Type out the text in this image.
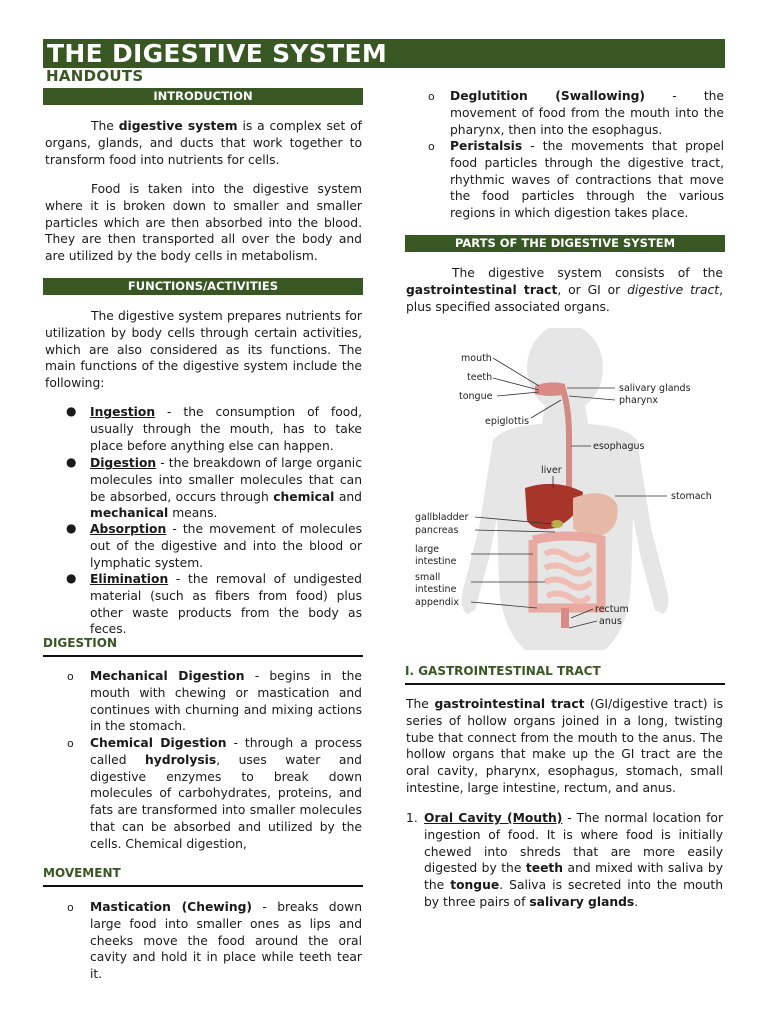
THE DIGESTIVE SYSTEM
HANDOUTS
INTRODUCTION

The digestive system is a complex set of organs, glands, and ducts that work together to transform food into nutrients for cells.

Food is taken into the digestive system where it is broken down to smaller and smaller particles which are then absorbed into the blood. They are then transported all over the body and are utilized by the body cells in metabolism.

FUNCTIONS/ACTIVITIES

The digestive system prepares nutrients for utilization by body cells through certain activities, which are also considered as its functions. The main functions of the digestive system include the following:

● Ingestion - the consumption of food, usually through the mouth, has to take place before anything else can happen.
● Digestion - the breakdown of large organic molecules into smaller molecules that can be absorbed, occurs through chemical and mechanical means.
● Absorption - the movement of molecules out of the digestive and into the blood or lymphatic system.
● Elimination - the removal of undigested material (such as fibers from food) plus other waste products from the body as feces.
DIGESTION
o Mechanical Digestion - begins in the mouth with chewing or mastication and continues with churning and mixing actions in the stomach.
o Chemical Digestion - through a process called hydrolysis, uses water and digestive enzymes to break down molecules of carbohydrates, proteins, and fats are transformed into smaller molecules that can be absorbed and utilized by the cells. Chemical digestion,
MOVEMENT
o Mastication (Chewing) - breaks down large food into smaller ones as lips and cheeks move the food around the oral cavity and hold it in place while teeth tear it.
o Deglutition (Swallowing) - the movement of food from the mouth into the pharynx, then into the esophagus.
o Peristalsis - the movements that propel food particles through the digestive tract, rhythmic waves of contractions that move the food particles through the various regions in which digestion takes place.
PARTS OF THE DIGESTIVE SYSTEM

The digestive system consists of the gastrointestinal tract, or GI or digestive tract, plus specified associated organs.

mouth
teeth
tongue
epiglottis
salivary glands
pharynx
esophagus
liver
stomach
gallbladder
pancreas
large
intestine
small
intestine
appendix
rectum
anus
I. GASTROINTESTINAL TRACT

The gastrointestinal tract (GI/digestive tract) is series of hollow organs joined in a long, twisting tube that connect from the mouth to the anus. The hollow organs that make up the GI tract are the oral cavity, pharynx, esophagus, stomach, small intestine, large intestine, rectum, and anus.

1. Oral Cavity (Mouth) - The normal location for ingestion of food. It is where food is initially chewed into shreds that are more easily digested by the teeth and mixed with saliva by the tongue. Saliva is secreted into the mouth by three pairs of salivary glands.
